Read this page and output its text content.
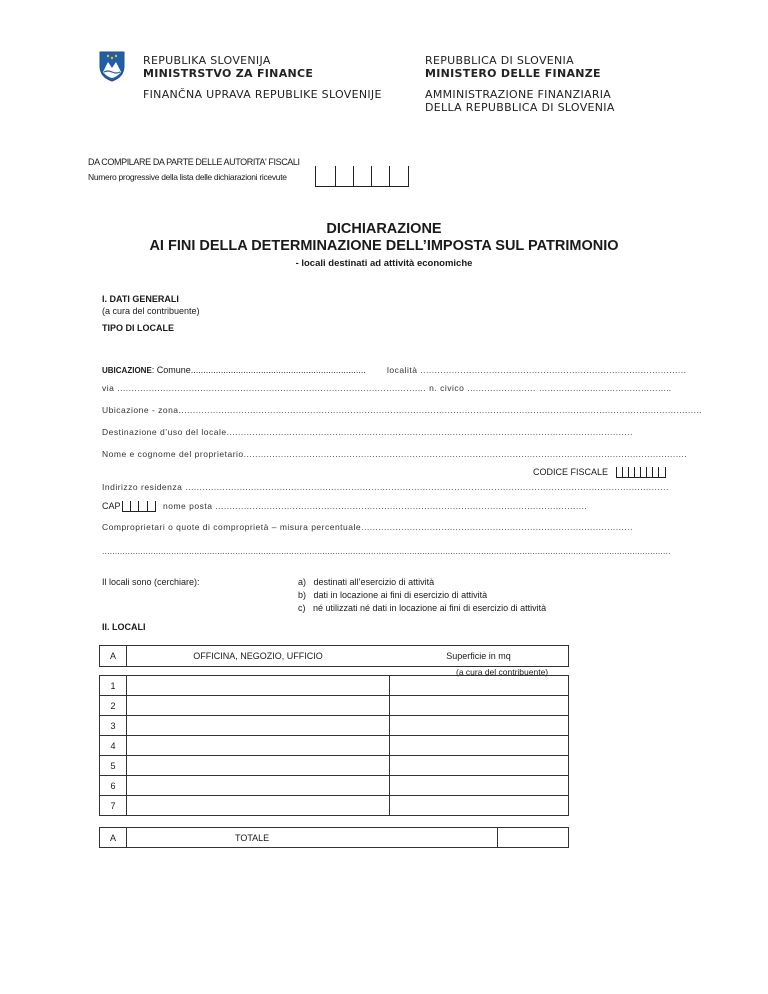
REPUBLIKA SLOVENIJA
MINISTRSTVO ZA FINANCE
FINANČNA UPRAVA REPUBLIKE SLOVENIJE
REPUBBLICA DI SLOVENIA
MINISTERO DELLE FINANZE
AMMINISTRAZIONE FINANZIARIA
DELLA REPUBBLICA DI SLOVENIA
DA COMPILARE DA PARTE DELLE AUTORITA' FISCALI
Numero progressive della lista delle dichiarazioni ricevute
DICHIARAZIONE
AI FINI DELLA DETERMINAZIONE DELL’IMPOSTA SUL PATRIMONIO
- locali destinati ad attività economiche
I. DATI GENERALI
(a cura del contribuente)
TIPO DI LOCALE
UBICAZIONE: Comune...................................................................... località .............................................................................................
via ............................................................................................................ n. civico ........................ ………………………………………..
Ubicazione - zona.......................................................................................................................................................................................
Destinazione d’uso del locale..............................................................................................................................................
Nome e cognome del proprietario...........................................................................................................................................................
CODICE FISCALE
Indirizzo residenza .........................................................................................................................................................................
CAP	nome posta ..................................................................................................................................
Comproprietari o quote di comproprietà – misura percentuale...............................................................................................
..............................................................................................................................................................................................................................
Il locali sono (cerchiare):	a) destinati all’esercizio di attività
b) dati in locazione ai fini di esercizio di attività
c) né utilizzati né dati in locazione ai fini di esercizio di attività
II. LOCALI
A	OFFICINA, NEGOZIO, UFFICIO	Superficie in mq
(a cura del contribuente)
1		
2		
3		
4		
5		
6		
7		
A	TOTALE	
